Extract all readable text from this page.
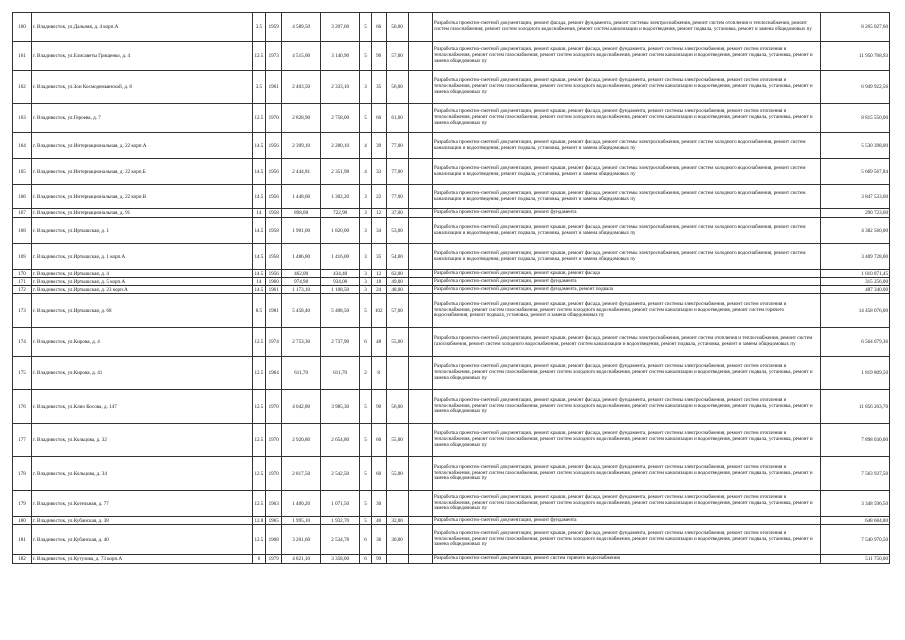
160	г. Владивосток, ул.Дальняя, д. 4 корп.А	3.5	1959	4 589,50	3 207,60	5	66	50,00		Разработка проектно-сметной документации, ремонт фасада, ремонт фундамента, ремонт системы электроснабжения, ремонт систем отопления и теплоснабжения, ремонт систем газоснабжения, ремонт систем холодного водоснабжения, ремонт систем канализации и водоотведения, ремонт подвала, установка, ремонт и замена общедомовых пу	8 265 027,60
161	г. Владивосток, ул.Елисаветы Грищенко, д. 4	12.5	1973	4 515,00	3 140,90	5	90	57,00		Разработка проектно-сметной документации, ремонт крыши, ремонт фасада, ремонт фундамента, ремонт системы электроснабжения, ремонт систем отопления и теплоснабжения, ремонт систем газоснабжения, ремонт систем холодного водоснабжения, ремонт систем канализации и водоотведения, ремонт подвала, установка, ремонт и замена общедомовых пу	11 950 768,93
162	г. Владивосток, ул.Зои Космодемьянской, д. 8	3.5	1961	2 403,50	2 333,10	3	35	56,00		Разработка проектно-сметной документации, ремонт крыши, ремонт фасада, ремонт фундамента, ремонт системы электроснабжения, ремонт систем отопления и теплоснабжения, ремонт систем газоснабжения, ремонт систем холодного водоснабжения, ремонт систем канализации и водоотведения, ремонт подвала, установка, ремонт и замена общедомовых пу	6 949 922,56
163	г. Владивосток, ул.Героева, д. 7	12.5	1970	2 828,90	2 758,00	5	60	61,00		Разработка проектно-сметной документации, ремонт крыши, ремонт фасада, ремонт фундамента, ремонт системы электроснабжения, ремонт систем отопления и теплоснабжения, ремонт систем газоснабжения, ремонт систем холодного водоснабжения, ремонт систем канализации и водоотведения, ремонт подвала, установка, ремонт и замена общедомовых пу	8 815 550,00
164	г. Владивосток, ул.Интернациональная, д. 22 корп.А	14.5	1956	2 399,10	2 280,10	4	39	77,00		Разработка проектно-сметной документации, ремонт крыши, ремонт фасада, ремонт системы электроснабжения, ремонт систем холодного водоснабжения, ремонт систем канализации и водоотведения, ремонт подвала, установка, ремонт и замена общедомовых пу	5 530 398,00
165	г. Владивосток, ул.Интернациональная, д. 22 корп.Б	14.5	1956	2 444,81	2 351,98	4	33	77,00		Разработка проектно-сметной документации, ремонт крыши, ремонт фасада, ремонт системы электроснабжения, ремонт систем холодного водоснабжения, ремонт систем канализации и водоотведения, ремонт подвала, установка, ремонт и замена общедомовых пу	5 669 567,84
166	г. Владивосток, ул.Интернациональная, д. 22 корп.В	14.5	1956	1 448,60	1 302,20	3	22	77,00		Разработка проектно-сметной документации, ремонт крыши, ремонт фасада, ремонт системы электроснабжения, ремонт систем холодного водоснабжения, ремонт систем канализации и водоотведения, ремонт подвала, установка, ремонт и замена общедомовых пу	3 847 533,60
167	г. Владивосток, ул.Интернациональная, д. 91	14	1958	898,00	722,90	3	12	37,00		Разработка проектно-сметной документации, ремонт фундамента	290 723,60
168	г. Владивосток, ул.Иртышская, д. 1	14.5	1958	1 901,00	1 820,00	3	34	53,00		Разработка проектно-сметной документации, ремонт крыши, ремонт фасада, ремонт системы электроснабжения, ремонт систем холодного водоснабжения, ремонт систем канализации и водоотведения, ремонт подвала, установка, ремонт и замена общедомовых пу	4 382 560,00
169	г. Владивосток, ул.Иртышская, д. 1 корп.А	14.5	1958	1 486,80	1 416,00	3	35	54,00		Разработка проектно-сметной документации, ремонт крыши, ремонт фасада, ремонт системы электроснабжения, ремонт систем холодного водоснабжения, ремонт систем канализации и водоотведения, ремонт подвала, установка, ремонт и замена общедомовых пу	3 409 728,00
170	г. Владивосток, ул.Иртышская, д. 4	14.5	1956	462,00	434,40	3	12	62,00		Разработка проектно-сметной документации, ремонт крыши, ремонт фасада	1 010 871,45
171	г. Владивосток, ул.Иртышская, д. 5 корп.А	14	1960	974,90	934,00	3	18	49,00		Разработка проектно-сметной документации, ремонт фундамента	315 256,00
172	г. Владивосток, ул.Иртышская, д. 23 корп.А	14.5	1961	1 173,10	1 108,50	3	24	48,00		Разработка проектно-сметной документации, ремонт фундамента, ремонт подвала	487 340,00
173	г. Владивосток, ул.Иртышская, д. 68	8.5	1981	5 458,40	5 408,50	5	102	57,00		Разработка проектно-сметной документации, ремонт крыши, ремонт фасада, ремонт фундамента, ремонт системы электроснабжения, ремонт систем отопления и теплоснабжения, ремонт систем газоснабжения, ремонт систем холодного водоснабжения, ремонт систем канализации и водоотведения, ремонт систем горячего водоснабжения, ремонт подвала, установка, ремонт и замена общедомовых пу	14 458 076,00
174	г. Владивосток, ул.Кирова, д. 4	12.5	1974	2 753,30	2 737,90	6	48	55,00		Разработка проектно-сметной документации, ремонт крыши, ремонт фасада, ремонт системы электроснабжения, ремонт систем отопления и теплоснабжения, ремонт систем газоснабжения, ремонт систем холодного водоснабжения, ремонт систем канализации и водоотведения, ремонт подвала, установка, ремонт и замена общедомовых пу	6 564 079,36
175	г. Владивосток, ул.Кирова, д. 41	12.5	1964	611,70	611,70	2	8			Разработка проектно-сметной документации, ремонт крыши, ремонт фасада, ремонт фундамента, ремонт системы электроснабжения, ремонт систем отопления и теплоснабжения, ремонт систем газоснабжения, ремонт систем холодного водоснабжения, ремонт систем канализации и водоотведения, ремонт подвала, установка, ремонт и замена общедомовых пу	1 819 809,50
176	г. Владивосток, ул.Клио Косова, д. 147	12.5	1970	4 042,80	3 985,30	5	90	56,00		Разработка проектно-сметной документации, ремонт крыши, ремонт фасада, ремонт фундамента, ремонт системы электроснабжения, ремонт систем отопления и теплоснабжения, ремонт систем газоснабжения, ремонт систем холодного водоснабжения, ремонт систем канализации и водоотведения, ремонт подвала, установка, ремонт и замена общедомовых пу	11 856 263,70
177	г. Владивосток, ул.Кольцова, д. 32	12.5	1970	2 920,80	2 654,80	5	60	55,00		Разработка проектно-сметной документации, ремонт крыши, ремонт фасада, ремонт фундамента, ремонт системы электроснабжения, ремонт систем отопления и теплоснабжения, ремонт систем газоснабжения, ремонт систем холодного водоснабжения, ремонт систем канализации и водоотведения, ремонт подвала, установка, ремонт и замена общедомовых пу	7 898 030,00
178	г. Владивосток, ул.Кольцова, д. 34	12.5	1970	2 817,50	2 542,50	5	60	55,00		Разработка проектно-сметной документации, ремонт крыши, ремонт фасада, ремонт фундамента, ремонт системы электроснабжения, ремонт систем отопления и теплоснабжения, ремонт систем газоснабжения, ремонт систем холодного водоснабжения, ремонт систем канализации и водоотведения, ремонт подвала, установка, ремонт и замена общедомовых пу	7 563 937,50
179	г. Владивосток, ул.Котельная, д. 77	12.5	1963	1 400,20	1 071,50	5	30			Разработка проектно-сметной документации, ремонт крыши, ремонт фасада, ремонт фундамента, ремонт системы электроснабжения, ремонт систем отопления и теплоснабжения, ремонт систем газоснабжения, ремонт систем холодного водоснабжения, ремонт систем канализации и водоотведения, ремонт подвала, установка, ремонт и замена общедомовых пу	3 348 596,50
180	г. Владивосток, ул.Кубанская, д. 38	12.8	1965	1 995,10	1 932,70	5	40	32,00		Разработка проектно-сметной документации, ремонт фундамента	648 684,80
181	г. Владивосток, ул.Кубанская, д. 40	12.5	1968	3 201,60	2 534,78	6	36	30,00		Разработка проектно-сметной документации, ремонт крыши, ремонт фасада, ремонт фундамента, ремонт системы электроснабжения, ремонт систем отопления и теплоснабжения, ремонт систем газоснабжения, ремонт систем холодного водоснабжения, ремонт систем канализации и водоотведения, ремонт подвала, установка, ремонт и замена общедомовых пу	7 540 970,50
182	г. Владивосток, ул.Кутузова, д. 73 корп.А	6	1979	4 821,10	3 358,00	6	99			Разработка проектно-сметной документации, ремонт систем горячего водоснабжения	511 750,00
